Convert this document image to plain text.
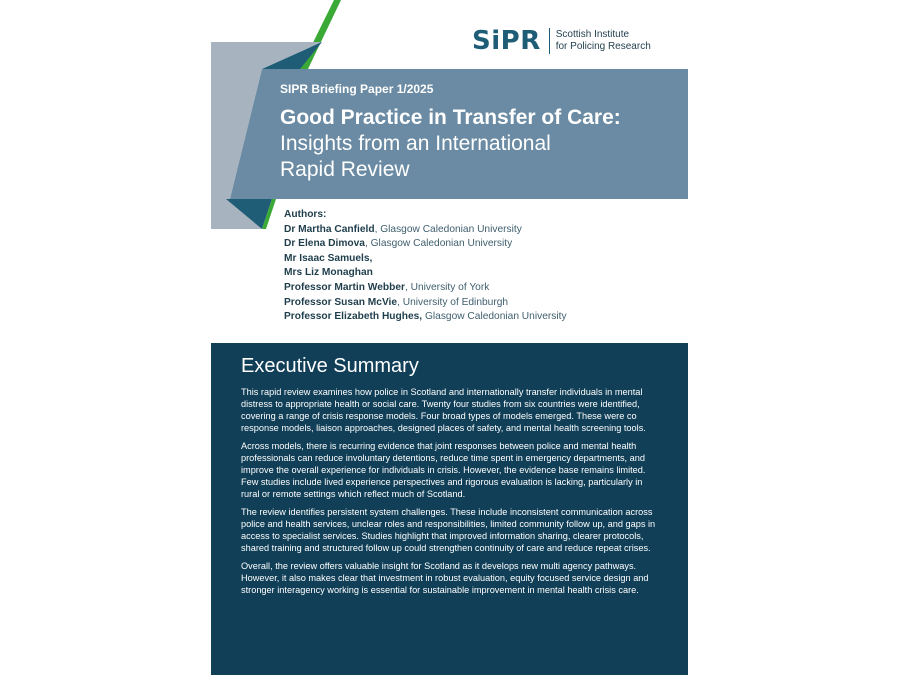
SiPR Scottish Institute
for Policing Research
SIPR Briefing Paper 1/2025
Good Practice in Transfer of Care:
Insights from an International
Rapid Review
Authors:
Dr Martha Canfield, Glasgow Caledonian University
Dr Elena Dimova, Glasgow Caledonian University
Mr Isaac Samuels,
Mrs Liz Monaghan
Professor Martin Webber, University of York
Professor Susan McVie, University of Edinburgh
Professor Elizabeth Hughes, Glasgow Caledonian University
Executive Summary

This rapid review examines how police in Scotland and internationally transfer individuals in mental distress to appropriate health or social care. Twenty four studies from six countries were identified, covering a range of crisis response models. Four broad types of models emerged. These were co response models, liaison approaches, designed places of safety, and mental health screening tools.

Across models, there is recurring evidence that joint responses between police and mental health professionals can reduce involuntary detentions, reduce time spent in emergency departments, and improve the overall experience for individuals in crisis. However, the evidence base remains limited. Few studies include lived experience perspectives and rigorous evaluation is lacking, particularly in rural or remote settings which reflect much of Scotland.

The review identifies persistent system challenges. These include inconsistent communication across police and health services, unclear roles and responsibilities, limited community follow up, and gaps in access to specialist services. Studies highlight that improved information sharing, clearer protocols, shared training and structured follow up could strengthen continuity of care and reduce repeat crises.

Overall, the review offers valuable insight for Scotland as it develops new multi agency pathways. However, it also makes clear that investment in robust evaluation, equity focused service design and stronger interagency working is essential for sustainable improvement in mental health crisis care.
